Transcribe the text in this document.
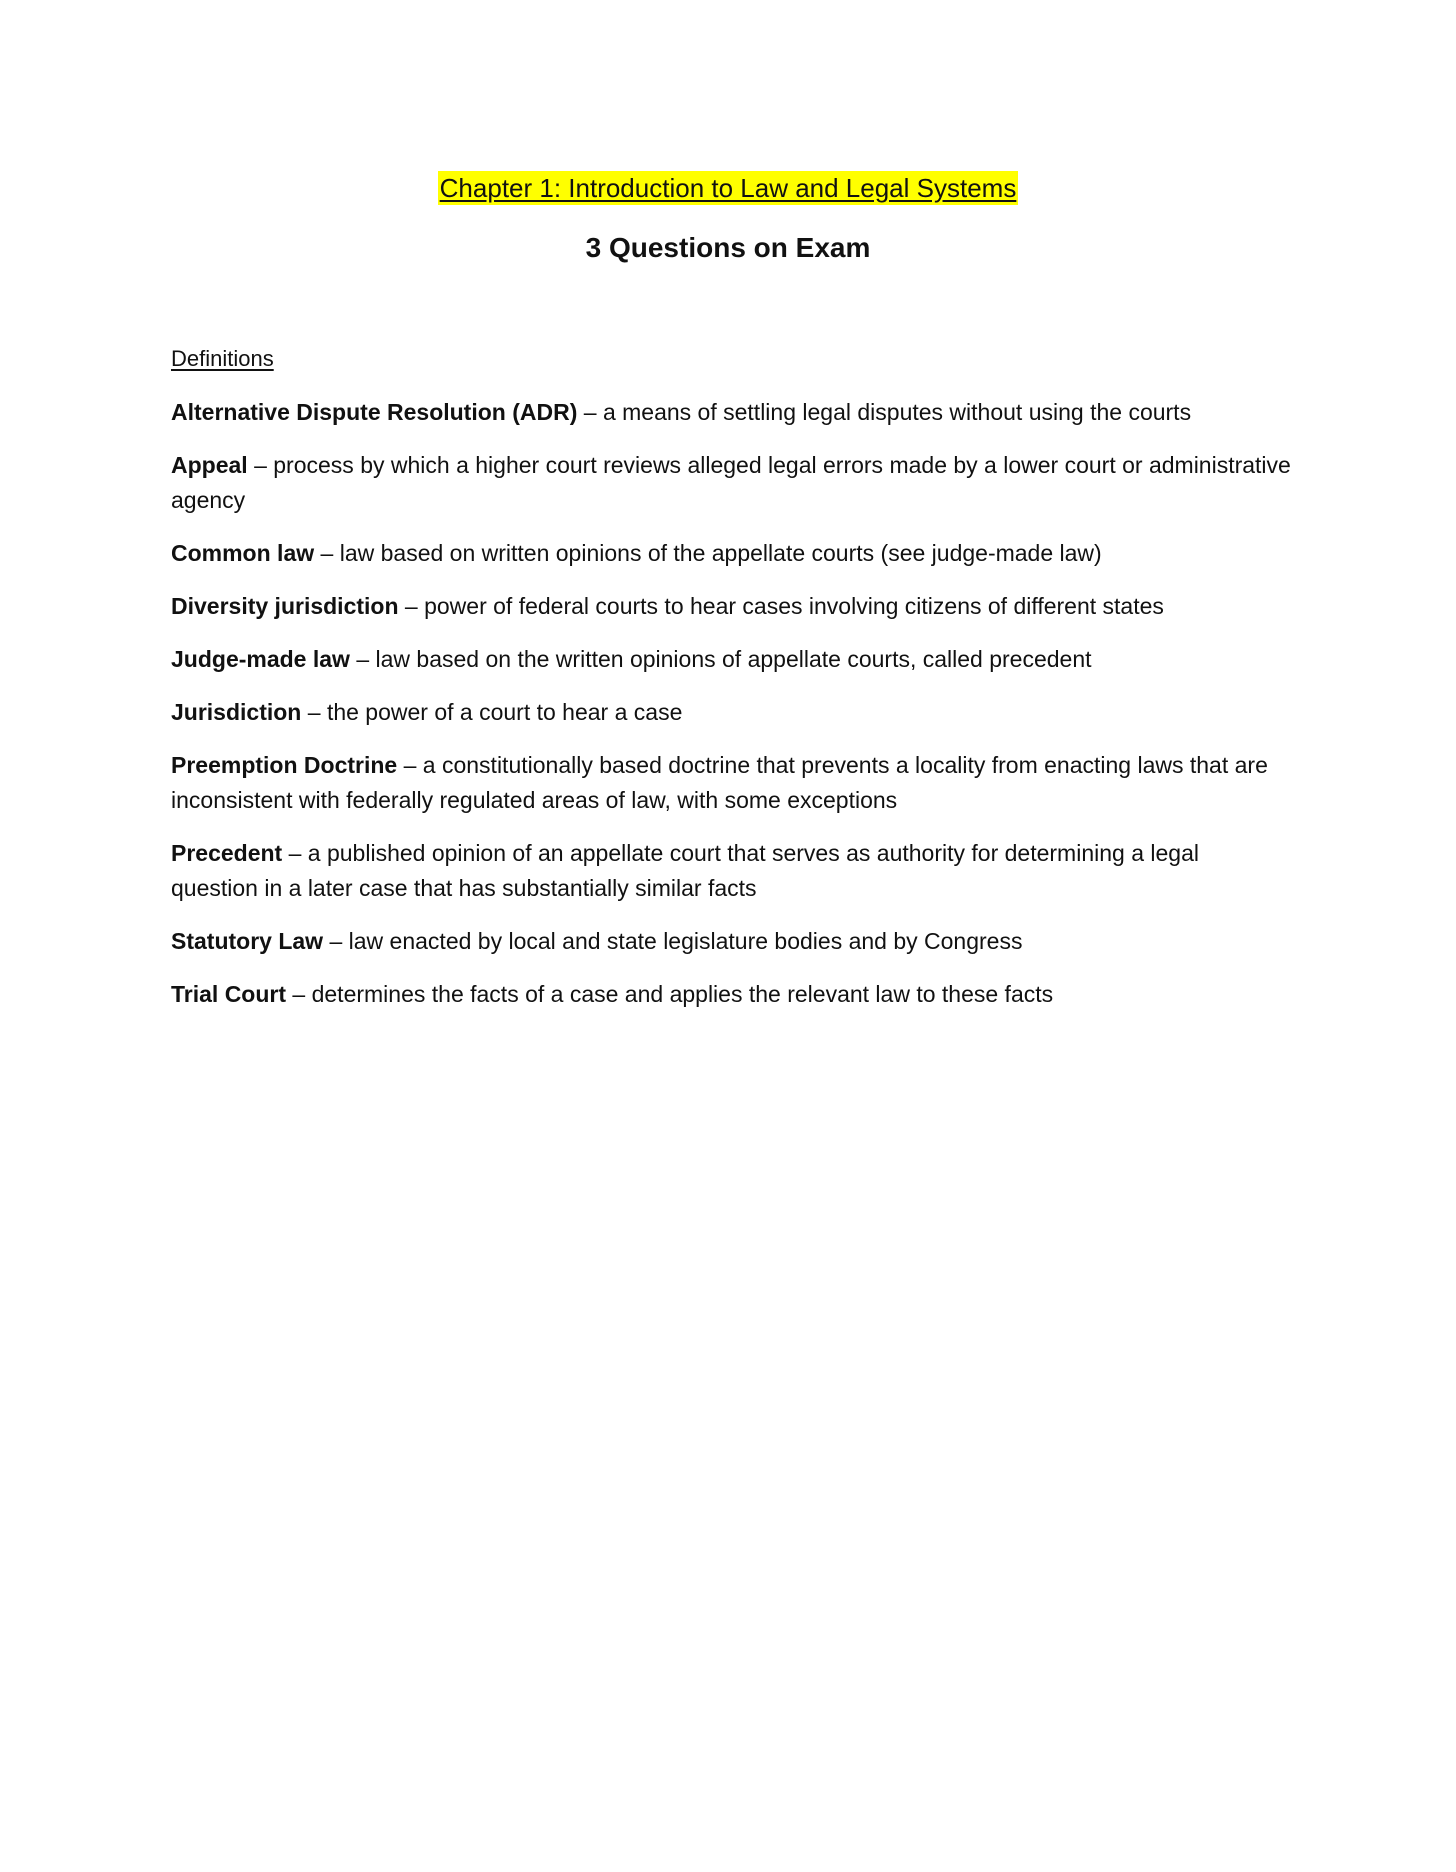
Chapter 1: Introduction to Law and Legal Systems
3 Questions on Exam
Definitions
Alternative Dispute Resolution (ADR) – a means of settling legal disputes without using the courts
Appeal – process by which a higher court reviews alleged legal errors made by a lower court or administrative agency
Common law – law based on written opinions of the appellate courts (see judge-made law)
Diversity jurisdiction – power of federal courts to hear cases involving citizens of different states
Judge-made law – law based on the written opinions of appellate courts, called precedent
Jurisdiction – the power of a court to hear a case
Preemption Doctrine – a constitutionally based doctrine that prevents a locality from enacting laws that are inconsistent with federally regulated areas of law, with some exceptions
Precedent – a published opinion of an appellate court that serves as authority for determining a legal question in a later case that has substantially similar facts
Statutory Law – law enacted by local and state legislature bodies and by Congress
Trial Court – determines the facts of a case and applies the relevant law to these facts
